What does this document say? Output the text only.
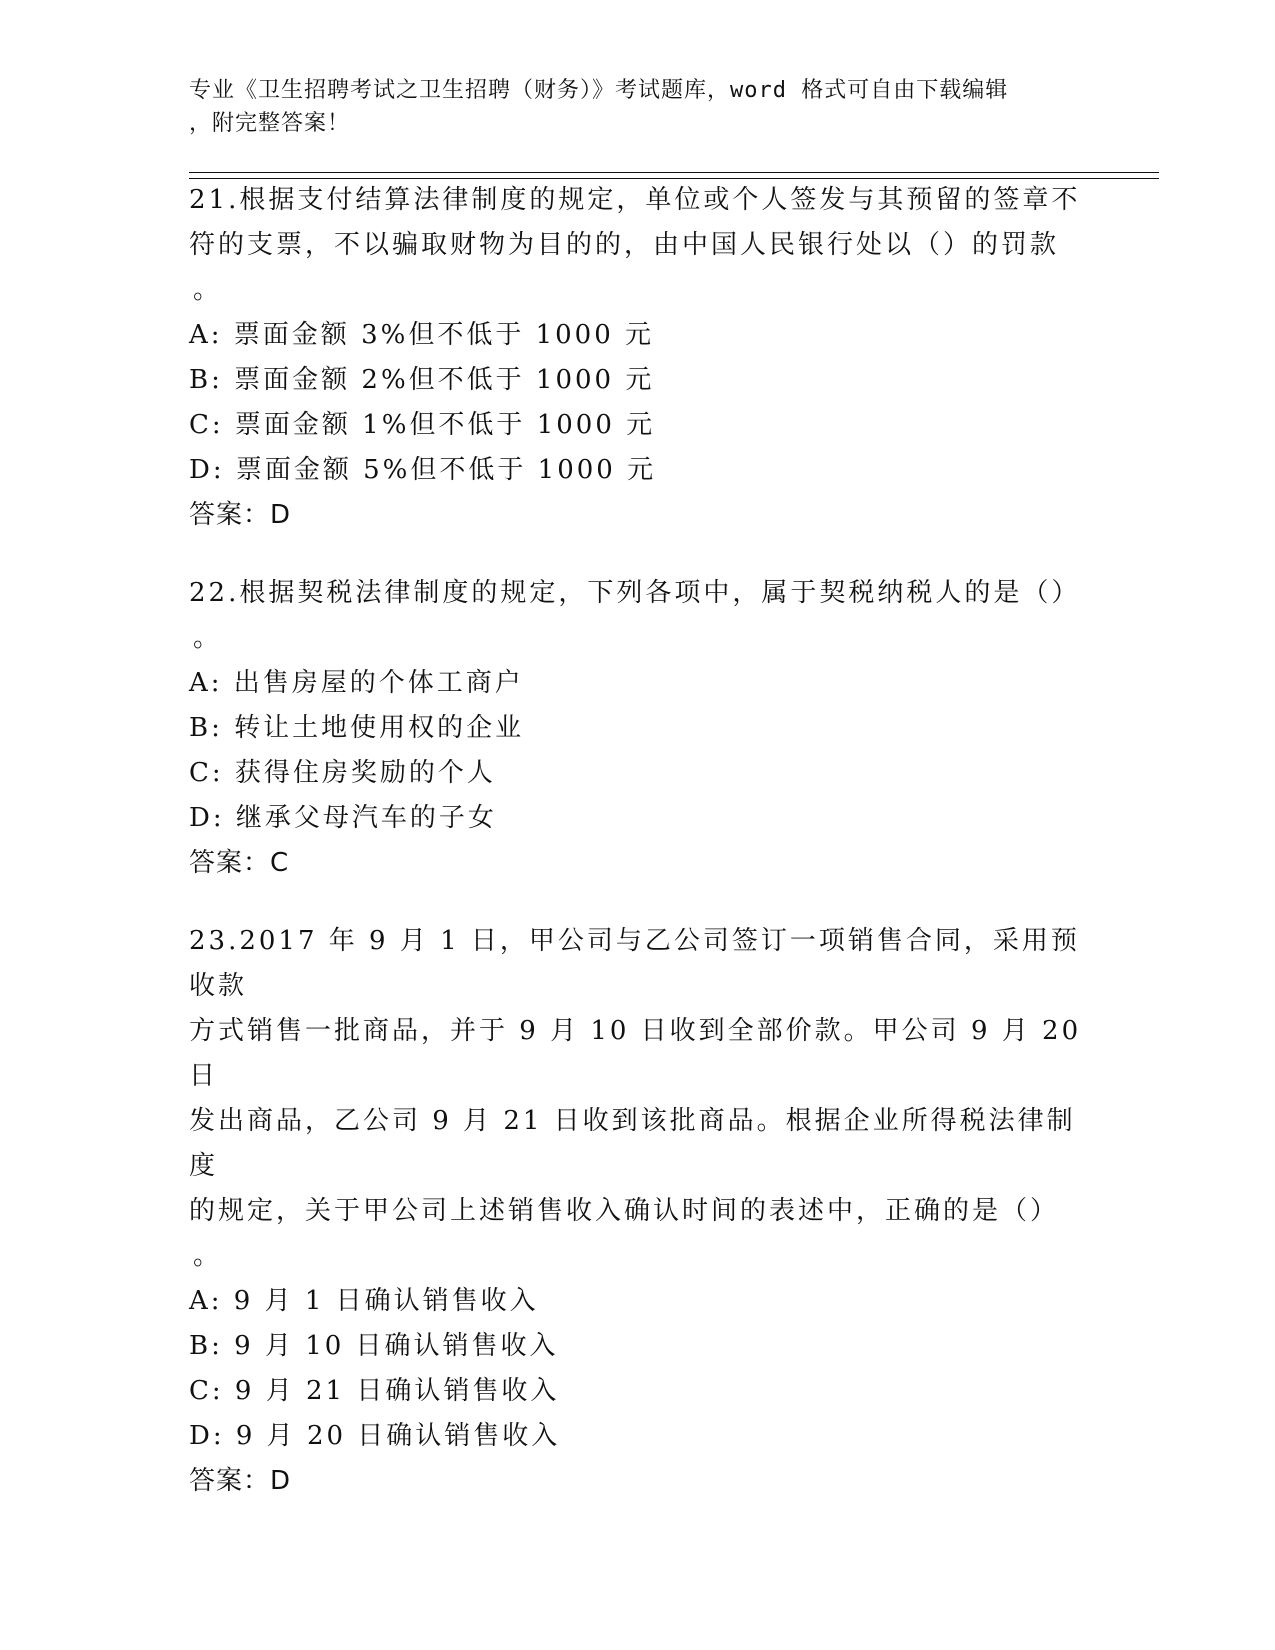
专业《卫生招聘考试之卫生招聘（财务）》考试题库，word 格式可自由下载编辑
，附完整答案！
21.根据支付结算法律制度的规定，单位或个人签发与其预留的签章不
符的支票，不以骗取财物为目的的，由中国人民银行处以（）的罚款
。
A: 票面金额 3%但不低于 1000 元
B: 票面金额 2%但不低于 1000 元
C: 票面金额 1%但不低于 1000 元
D: 票面金额 5%但不低于 1000 元
答案：D
22.根据契税法律制度的规定，下列各项中，属于契税纳税人的是（）
。
A: 出售房屋的个体工商户
B: 转让土地使用权的企业
C: 获得住房奖励的个人
D: 继承父母汽车的子女
答案：C
23.2017 年 9 月 1 日，甲公司与乙公司签订一项销售合同，采用预收款
方式销售一批商品，并于 9 月 10 日收到全部价款。甲公司 9 月 20 日
发出商品，乙公司 9 月 21 日收到该批商品。根据企业所得税法律制度
的规定，关于甲公司上述销售收入确认时间的表述中，正确的是（）
。
A: 9 月 1 日确认销售收入
B: 9 月 10 日确认销售收入
C: 9 月 21 日确认销售收入
D: 9 月 20 日确认销售收入
答案：D
